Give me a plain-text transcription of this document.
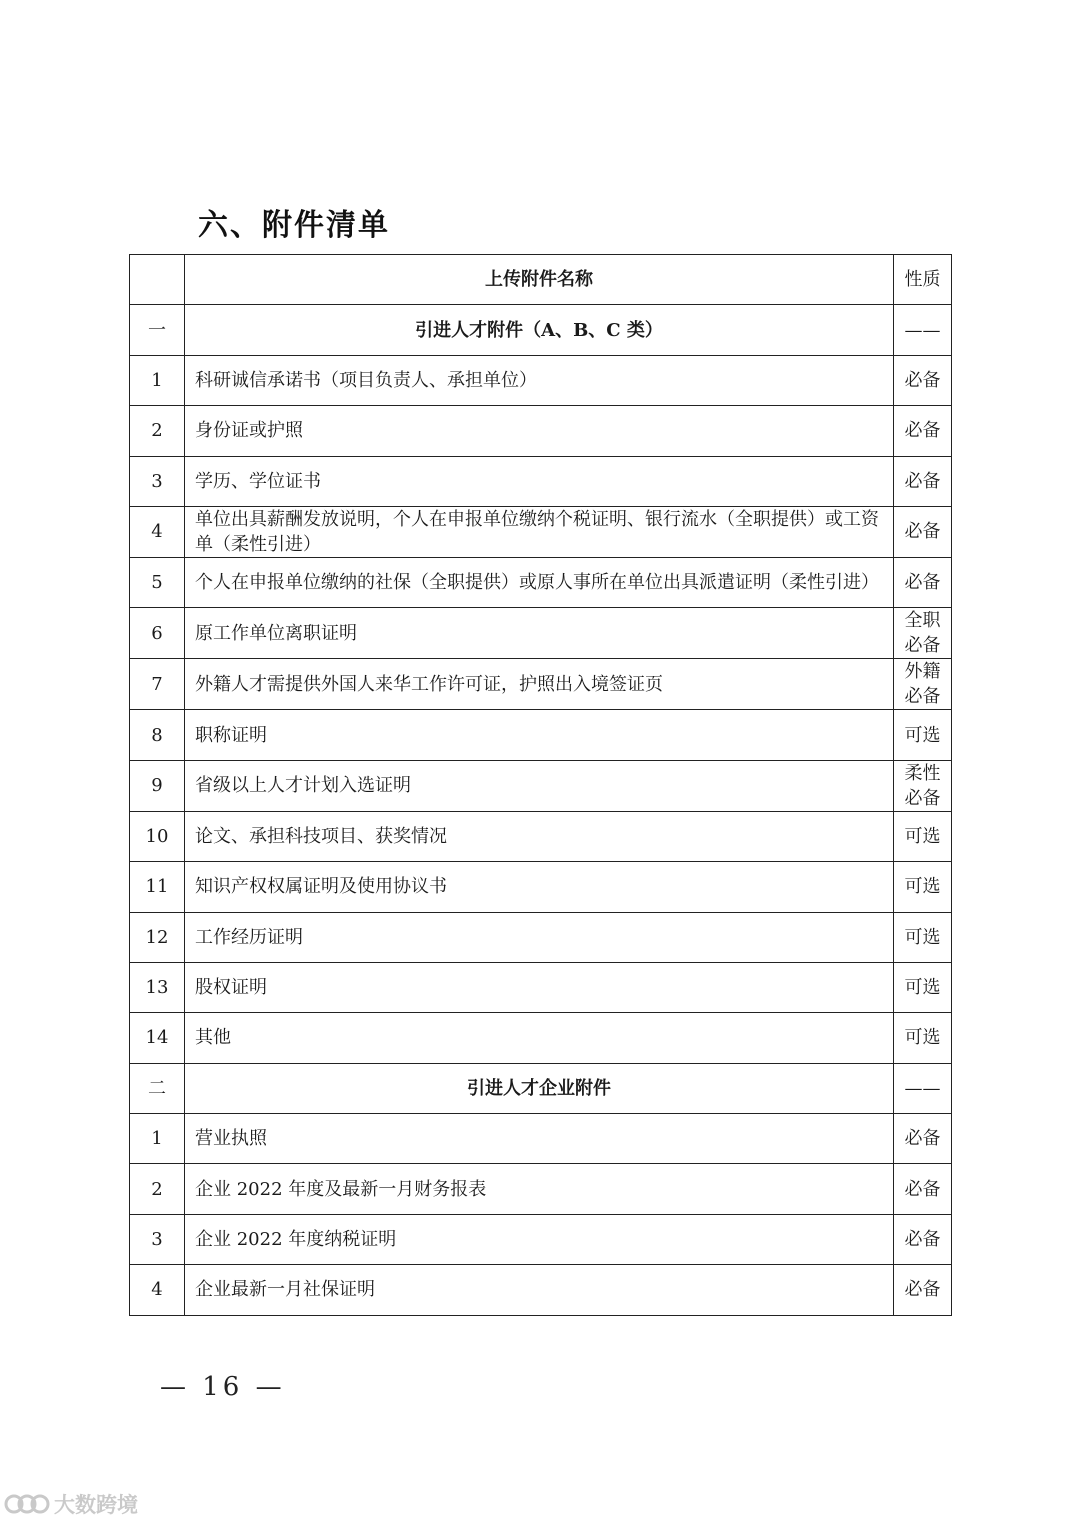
六、附件清单
	上传附件名称	性质
一	引进人才附件（A、B、C 类）	——
1	科研诚信承诺书（项目负责人、承担单位）	必备
2	身份证或护照	必备
3	学历、学位证书	必备
4	单位出具薪酬发放说明，个人在申报单位缴纳个税证明、银行流水（全职提供）或工资单（柔性引进）	必备
5	个人在申报单位缴纳的社保（全职提供）或原人事所在单位出具派遣证明（柔性引进）	必备
6	原工作单位离职证明	全职必备
7	外籍人才需提供外国人来华工作许可证，护照出入境签证页	外籍必备
8	职称证明	可选
9	省级以上人才计划入选证明	柔性必备
10	论文、承担科技项目、获奖情况	可选
11	知识产权权属证明及使用协议书	可选
12	工作经历证明	可选
13	股权证明	可选
14	其他	可选
二	引进人才企业附件	——
1	营业执照	必备
2	企业 2022 年度及最新一月财务报表	必备
3	企业 2022 年度纳税证明	必备
4	企业最新一月社保证明	必备
— 16 —
大数跨境
